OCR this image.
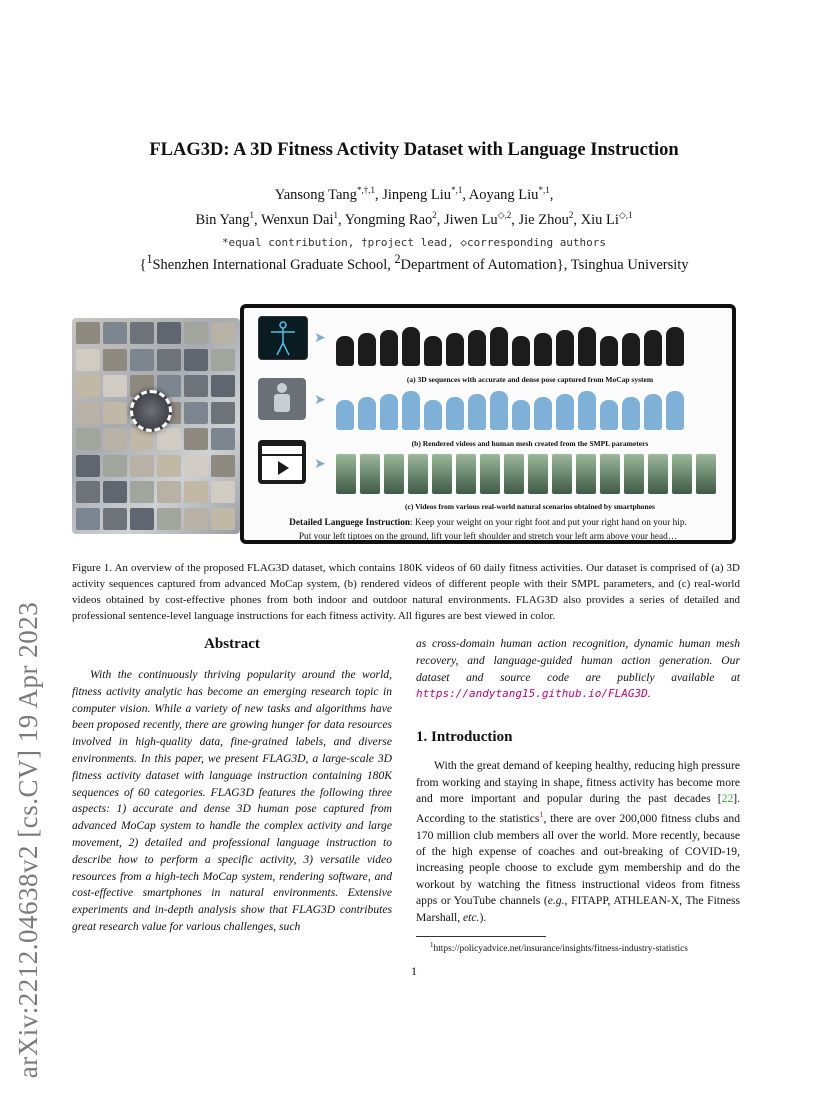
arXiv:2212.04638v2 [cs.CV] 19 Apr 2023
FLAG3D: A 3D Fitness Activity Dataset with Language Instruction
Yansong Tang$^{*,\dagger,1}$, Jinpeng Liu$^{*,1}$, Aoyang Liu$^{*,1}$,
Bin Yang$^1$, Wenxun Dai$^1$, Yongming Rao$^2$, Jiwen $Lu^{◇,2}$, Jie Zhou$^2$, Xiu $Li^{◇,1}$
*equal contribution, †project lead, ◇corresponding authors
{$^1$Shenzhen International Graduate School, $^2$Department of Automation}, Tsinghua University
➤
➤
➤
(a) 3D sequences with accurate and dense pose captured from MoCap system
(b) Rendered videos and human mesh created from the SMPL parameters
(c) Videos from various real-world natural scenarios obtained by smartphones
Detailed Languege Instruction: Keep your weight on your right foot and put your right hand on your hip.
Put your left tiptoes on the ground, lift your left shoulder and stretch your left arm above your head…
Figure 1. An overview of the proposed FLAG3D dataset, which contains 180K videos of 60 daily fitness activities. Our dataset is comprised of (a) 3D activity sequences captured from advanced MoCap system, (b) rendered videos of different people with their SMPL parameters, and (c) real-world videos obtained by cost-effective phones from both indoor and outdoor natural environments. FLAG3D also provides a series of detailed and professional sentence-level language instructions for each fitness activity. All figures are best viewed in color.
Abstract

With the continuously thriving popularity around the world, fitness activity analytic has become an emerging research topic in computer vision. While a variety of new tasks and algorithms have been proposed recently, there are growing hunger for data resources involved in high-quality data, fine-grained labels, and diverse environments. In this paper, we present FLAG3D, a large-scale 3D fitness activity dataset with language instruction containing 180K sequences of 60 categories. FLAG3D features the following three aspects: 1) accurate and dense 3D human pose captured from advanced MoCap system to handle the complex activity and large movement, 2) detailed and professional language instruction to describe how to perform a specific activity, 3) versatile video resources from a high-tech MoCap system, rendering software, and cost-effective smartphones in natural environments. Extensive experiments and in-depth analysis show that FLAG3D contributes great research value for various challenges, such

as cross-domain human action recognition, dynamic human mesh recovery, and language-guided human action generation. Our dataset and source code are publicly available at https://andytang15.github.io/FLAG3D.

1. Introduction

With the great demand of keeping healthy, reducing high pressure from working and staying in shape, fitness activity has become more and more important and popular during the past decades [22]. According to the statistics$^1$, there are over 200,000 fitness clubs and 170 million club members all over the world. More recently, because of the high expense of coaches and out-breaking of COVID-19, increasing people choose to exclude gym membership and do the workout by watching the fitness instructional videos from fitness apps or YouTube channels (e.g., FITAPP, ATHLEAN-X, The Fitness Marshall, etc.).

$^1$https://policyadvice.net/insurance/insights/fitness-industry-statistics
1
